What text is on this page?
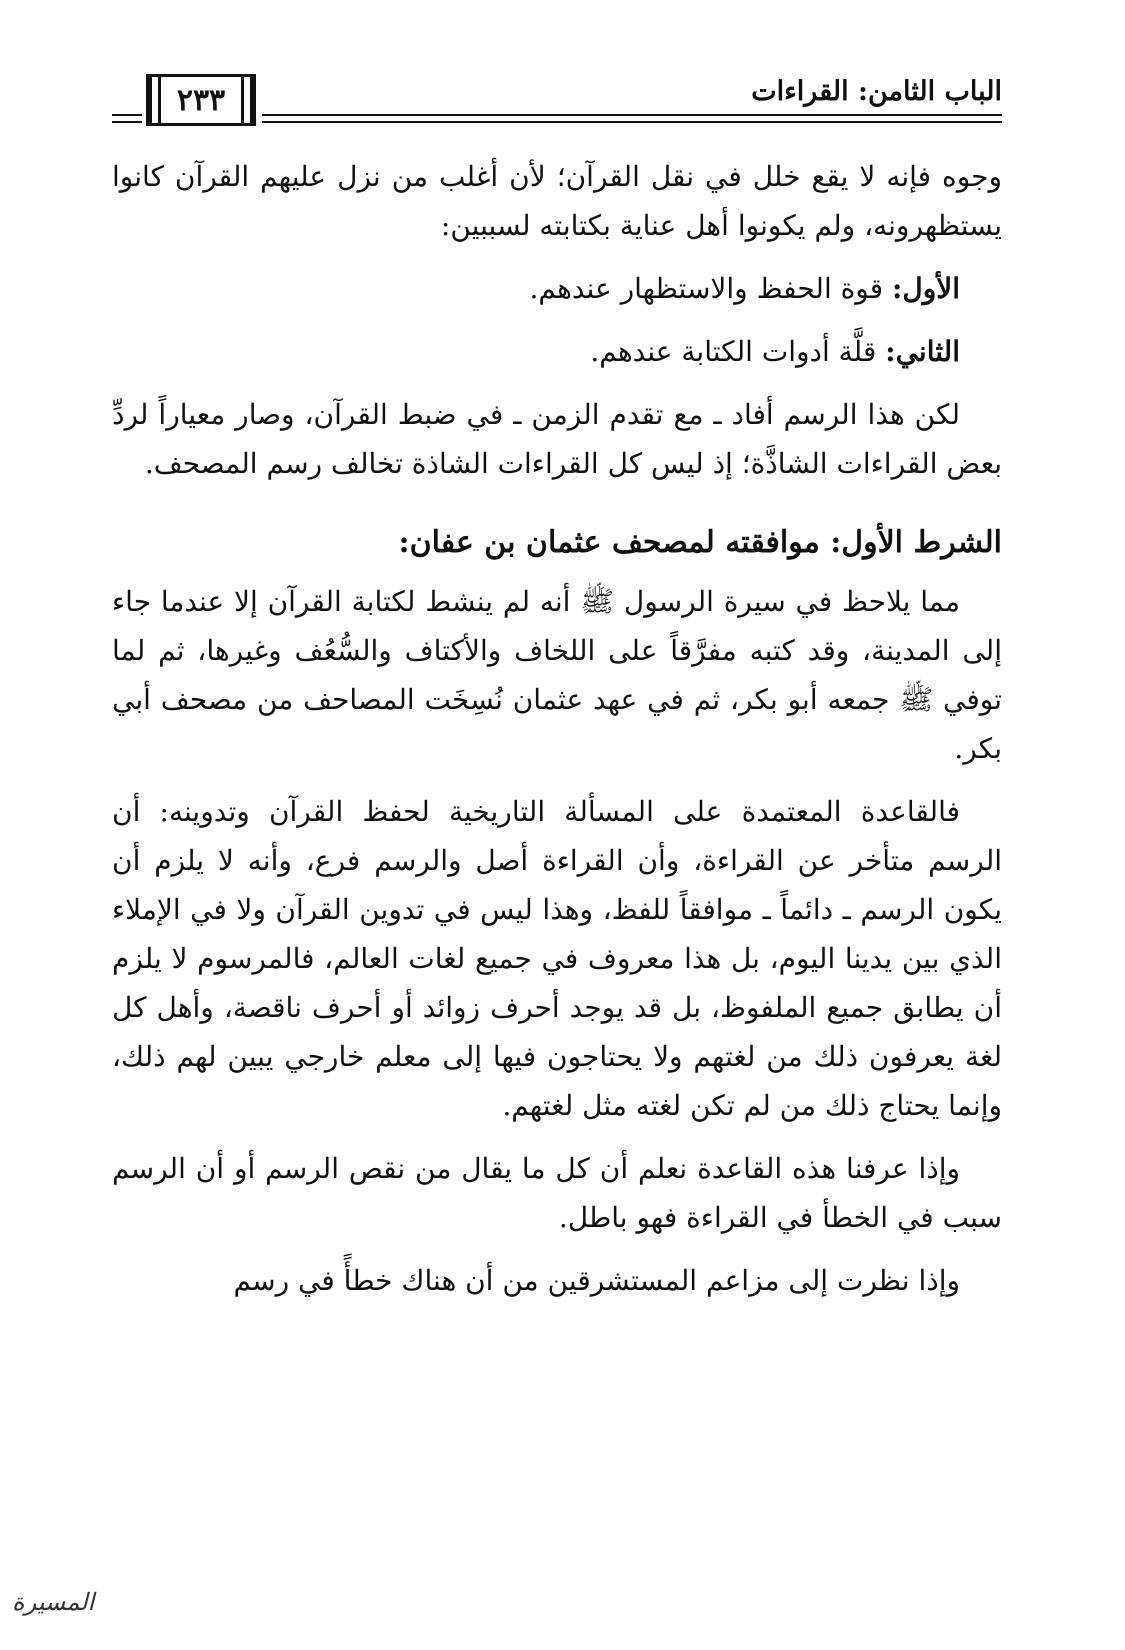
الباب الثامن: القراءات
٢٣٣

وجوه فإنه لا يقع خلل في نقل القرآن؛ لأن أغلب من نزل عليهم القرآن كانوا يستظهرونه، ولم يكونوا أهل عناية بكتابته لسببين:

الأول: قوة الحفظ والاستظهار عندهم.

الثاني: قلَّة أدوات الكتابة عندهم.

لكن هذا الرسم أفاد ـ مع تقدم الزمن ـ في ضبط القرآن، وصار معياراً لردِّ بعض القراءات الشاذَّة؛ إذ ليس كل القراءات الشاذة تخالف رسم المصحف.

الشرط الأول: موافقته لمصحف عثمان بن عفان:

مما يلاحظ في سيرة الرسول ﷺ أنه لم ينشط لكتابة القرآن إلا عندما جاء إلى المدينة، وقد كتبه مفرَّقاً على اللخاف والأكتاف والسُّعُف وغيرها، ثم لما توفي ﷺ جمعه أبو بكر، ثم في عهد عثمان نُسِخَت المصاحف من مصحف أبي بكر.

فالقاعدة المعتمدة على المسألة التاريخية لحفظ القرآن وتدوينه: أن الرسم متأخر عن القراءة، وأن القراءة أصل والرسم فرع، وأنه لا يلزم أن يكون الرسم ـ دائماً ـ موافقاً للفظ، وهذا ليس في تدوين القرآن ولا في الإملاء الذي بين يدينا اليوم، بل هذا معروف في جميع لغات العالم، فالمرسوم لا يلزم أن يطابق جميع الملفوظ، بل قد يوجد أحرف زوائد أو أحرف ناقصة، وأهل كل لغة يعرفون ذلك من لغتهم ولا يحتاجون فيها إلى معلم خارجي يبين لهم ذلك، وإنما يحتاج ذلك من لم تكن لغته مثل لغتهم.

وإذا عرفنا هذه القاعدة نعلم أن كل ما يقال من نقص الرسم أو أن الرسم سبب في الخطأ في القراءة فهو باطل.

وإذا نظرت إلى مزاعم المستشرقين من أن هناك خطأً في رسم

المسيرة
